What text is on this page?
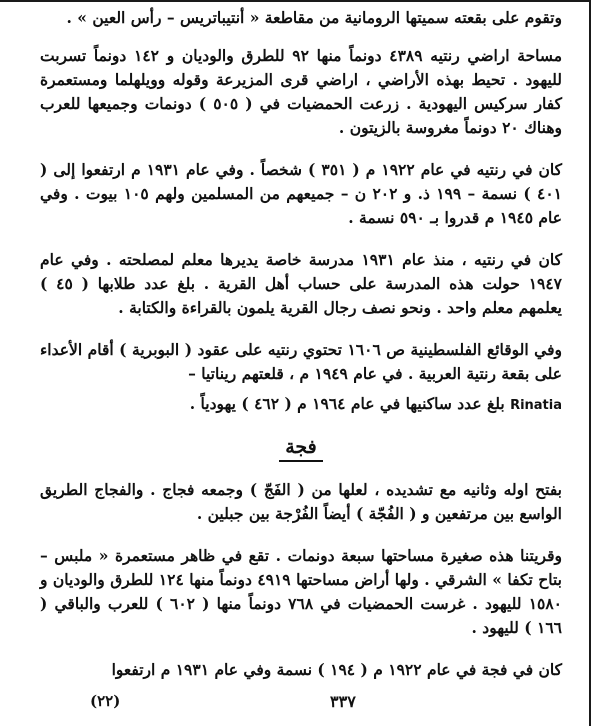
وتقوم على بقعته سميتها الرومانية من مقاطعة « أنتيباتريس – رأس العين » .

مساحة اراضي رنتيه ٤٣٨٩ دونماً منها ٩٢ للطرق والوديان و ١٤٢ دونماً تسربت لليهود . تحيط بهذه الأراضي ، اراضي قرى المزيرعة وقوله وويلهلما ومستعمرة كفار سركيس اليهودية . زرعت الحمضيات في ( ٥٠٥ ) دونمات وجميعها للعرب وهناك ٢٠ دونماً مغروسة بالزيتون .

كان في رنتيه في عام ١٩٢٢ م ( ٣٥١ ) شخصاً . وفي عام ١٩٣١ م ارتفعوا إلى ( ٤٠١ ) نسمة – ١٩٩ ذ. و ٢٠٢ ن – جميعهم من المسلمين ولهم ١٠٥ بيوت . وفي عام ١٩٤٥ م قدروا بـ ٥٩٠ نسمة .

كان في رنتيه ، منذ عام ١٩٣١ مدرسة خاصة يديرها معلم لمصلحته . وفي عام ١٩٤٧ حولت هذه المدرسة على حساب أهل القرية . بلغ عدد طلابها ( ٤٥ ) يعلمهم معلم واحد . ونحو نصف رجال القرية يلمون بالقراءة والكتابة .

وفي الوقائع الفلسطينية ص ١٦٠٦ تحتوي رنتيه على عقود ( البوبرية ) أقام الأعداء على بقعة رنتية العربية . في عام ١٩٤٩ م ، قلعتهم ريناتيا –

Rinatia بلغ عدد ساكنيها في عام ١٩٦٤ م ( ٤٦٢ ) يهودياً .

فجة

بفتح اوله وثانيه مع تشديده ، لعلها من ( الفَجّ ) وجمعه فجاج . والفجاج الطريق الواسع بين مرتفعين و ( الفُجّة ) أيضاً الفُرْجة بين جبلين .

وقريتنا هذه صغيرة مساحتها سبعة دونمات . تقع في ظاهر مستعمرة « ملبس – بتاح تكفا » الشرقي . ولها أراض مساحتها ٤٩١٩ دونماً منها ١٢٤ للطرق والوديان و ١٥٨٠ لليهود . غرست الحمضيات في ٧٦٨ دونماً منها ( ٦٠٢ ) للعرب والباقي ( ١٦٦ ) لليهود .

كان في فجة في عام ١٩٢٢ م ( ١٩٤ ) نسمة وفي عام ١٩٣١ م ارتفعوا

٣٣٧
(٢٢)
